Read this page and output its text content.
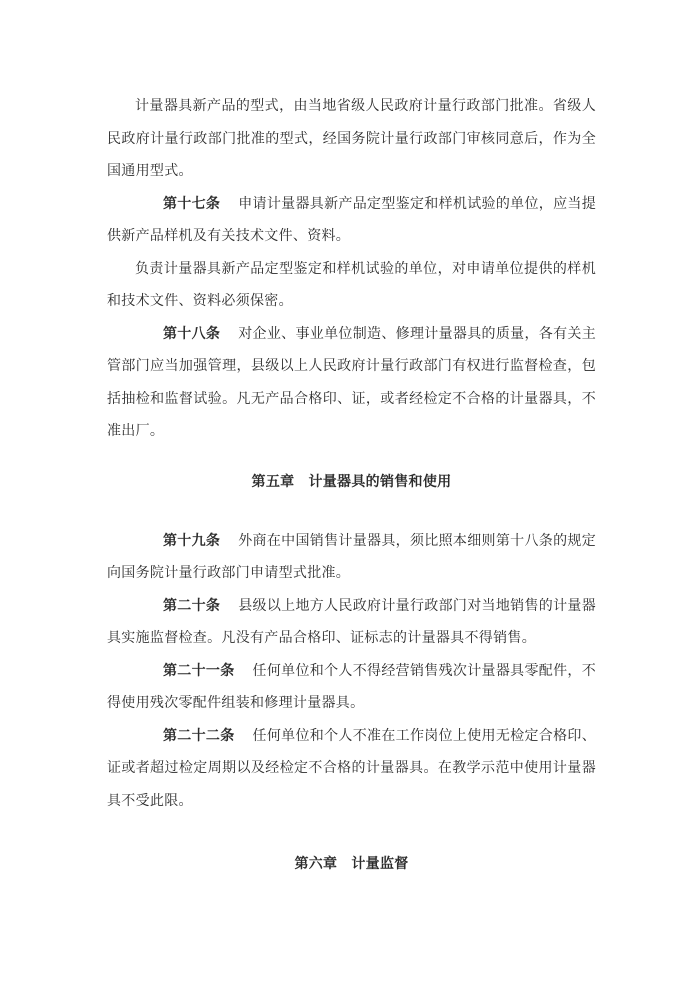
计量器具新产品的型式，由当地省级人民政府计量行政部门批准。省级人民政府计量行政部门批准的型式，经国务院计量行政部门审核同意后，作为全国通用型式。

第十七条 申请计量器具新产品定型鉴定和样机试验的单位，应当提供新产品样机及有关技术文件、资料。

负责计量器具新产品定型鉴定和样机试验的单位，对申请单位提供的样机和技术文件、资料必须保密。

第十八条 对企业、事业单位制造、修理计量器具的质量，各有关主管部门应当加强管理，县级以上人民政府计量行政部门有权进行监督检查，包括抽检和监督试验。凡无产品合格印、证，或者经检定不合格的计量器具，不准出厂。

第五章 计量器具的销售和使用

第十九条 外商在中国销售计量器具，须比照本细则第十八条的规定向国务院计量行政部门申请型式批准。

第二十条 县级以上地方人民政府计量行政部门对当地销售的计量器具实施监督检查。凡没有产品合格印、证标志的计量器具不得销售。

第二十一条 任何单位和个人不得经营销售残次计量器具零配件，不得使用残次零配件组装和修理计量器具。

第二十二条 任何单位和个人不准在工作岗位上使用无检定合格印、证或者超过检定周期以及经检定不合格的计量器具。在教学示范中使用计量器具不受此限。

第六章 计量监督
